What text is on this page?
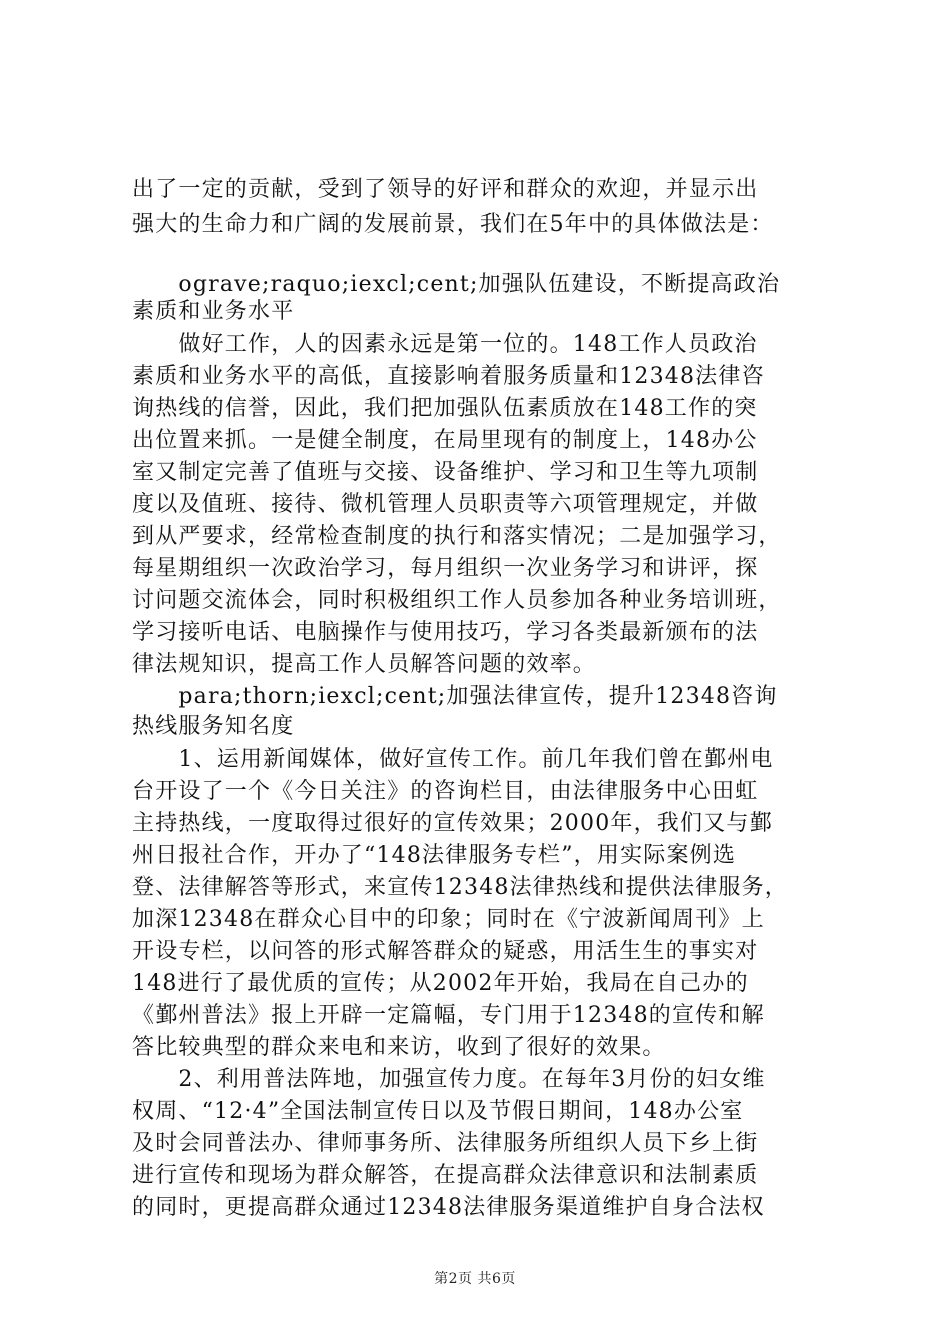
出了一定的贡献，受到了领导的好评和群众的欢迎，并显示出
强大的生命力和广阔的发展前景，我们在5年中的具体做法是：
　　ograve;raquo;iexcl;cent;加强队伍建设，不断提高政治
素质和业务水平
　　做好工作，人的因素永远是第一位的。148工作人员政治
素质和业务水平的高低，直接影响着服务质量和12348法律咨
询热线的信誉，因此，我们把加强队伍素质放在148工作的突
出位置来抓。一是健全制度，在局里现有的制度上，148办公
室又制定完善了值班与交接、设备维护、学习和卫生等九项制
度以及值班、接待、微机管理人员职责等六项管理规定，并做
到从严要求，经常检查制度的执行和落实情况；二是加强学习，
每星期组织一次政治学习，每月组织一次业务学习和讲评，探
讨问题交流体会，同时积极组织工作人员参加各种业务培训班，
学习接听电话、电脑操作与使用技巧，学习各类最新颁布的法
律法规知识，提高工作人员解答问题的效率。
　　para;thorn;iexcl;cent;加强法律宣传，提升12348咨询
热线服务知名度
　　1、运用新闻媒体，做好宣传工作。前几年我们曾在鄞州电
台开设了一个《今日关注》的咨询栏目，由法律服务中心田虹
主持热线，一度取得过很好的宣传效果；2000年，我们又与鄞
州日报社合作，开办了“148法律服务专栏”，用实际案例选
登、法律解答等形式，来宣传12348法律热线和提供法律服务，
加深12348在群众心目中的印象；同时在《宁波新闻周刊》上
开设专栏，以问答的形式解答群众的疑惑，用活生生的事实对
148进行了最优质的宣传；从2002年开始，我局在自己办的
《鄞州普法》报上开辟一定篇幅，专门用于12348的宣传和解
答比较典型的群众来电和来访，收到了很好的效果。
　　2、利用普法阵地，加强宣传力度。在每年3月份的妇女维
权周、“12·4”全国法制宣传日以及节假日期间，148办公室
及时会同普法办、律师事务所、法律服务所组织人员下乡上街
进行宣传和现场为群众解答，在提高群众法律意识和法制素质
的同时，更提高群众通过12348法律服务渠道维护自身合法权
第2页 共6页
